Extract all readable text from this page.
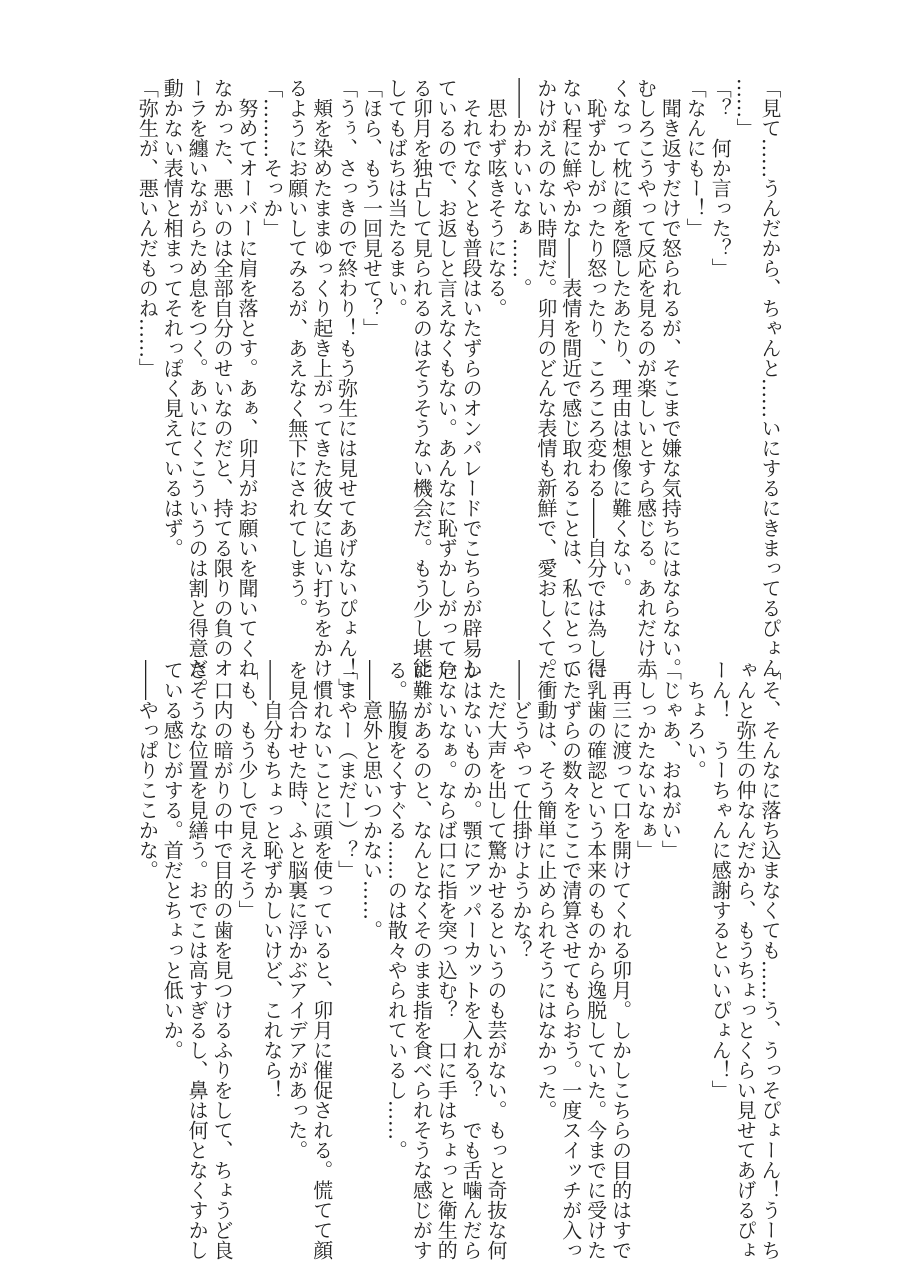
「見て……うんだから、ちゃんと……いにするにきまってるぴょん
……」
「？　何か言った？」
「なんにもー！」
　聞き返すだけで怒られるが、そこまで嫌な気持ちにはならない。
むしろこうやって反応を見るのが楽しいとすら感じる。あれだけ赤
くなって枕に顔を隠したあたり、理由は想像に難くない。
　恥ずかしがったり怒ったり、ころころ変わる――自分では為し得
ない程に鮮やかな――表情を間近で感じ取れることは、私にとって
かけがえのない時間だ。卯月のどんな表情も新鮮で、愛おしくて。
――かわいいなぁ……。
　思わず呟きそうになる。
　それでなくとも普段はいたずらのオンパレードでこちらが辟易し
ているので、お返しと言えなくもない。あんなに恥ずかしがってい
る卯月を独占して見られるのはそうそうない機会だ。もう少し堪能
してもばちは当たるまい。
「ほら、もう一回見せて？」
「うぅ、さっきので終わり！もう弥生には見せてあげないぴょん！」
　頬を染めたままゆっくり起き上がってきた彼女に追い打ちをかけ
るようにお願いしてみるが、あえなく無下にされてしまう。
「………そっか」
　努めてオーバーに肩を落とす。あぁ、卯月がお願いを聞いてくれ
なかった、悪いのは全部自分のせいなのだと、持てる限りの負のオ
ーラを纏いながらため息をつく。あいにくこういうのは割と得意だ。
動かない表情と相まってそれっぽく見えているはず。
「弥生が、悪いんだものね……」
「そ、そんなに落ち込まなくても……う、うっそぴょーん！うーち
ゃんと弥生の仲なんだから、もうちょっとくらい見せてあげるぴょ
ーん！　うーちゃんに感謝するといいぴょん！」
　ちょろい。
「じゃあ、おねがい」
「しっかたないなぁ」
　再三に渡って口を開けてくれる卯月。しかしこちらの目的はすで
に乳歯の確認という本来のものから逸脱していた。今までに受けた
いたずらの数々をここで清算させてもらおう。一度スイッチが入っ
た衝動は、そう簡単に止められそうにはなかった。
――どうやって仕掛けようかな？
　ただ大声を出して驚かせるというのも芸がない。もっと奇抜な何
かはないものか。顎にアッパーカットを入れる？　でも舌噛んだら
危ないなぁ。ならば口に指を突っ込む？　口に手はちょっと衛生的
に難があるのと、なんとなくそのまま指を食べられそうな感じがす
る。脇腹をくすぐる……のは散々やられているし……。
――意外と思いつかない……。
「まやー（まだー）？」
　慣れないことに頭を使っていると、卯月に催促される。慌てて顔
を見合わせた時、ふと脳裏に浮かぶアイデアがあった。
――自分もちょっと恥ずかしいけど、これなら！
「も、もう少しで見えそう」
　口内の暗がりの中で目的の歯を見つけるふりをして、ちょうど良
さそうな位置を見繕う。おでこは高すぎるし、鼻は何となくすかし
ている感じがする。首だとちょっと低いか。
――やっぱりここかな。
